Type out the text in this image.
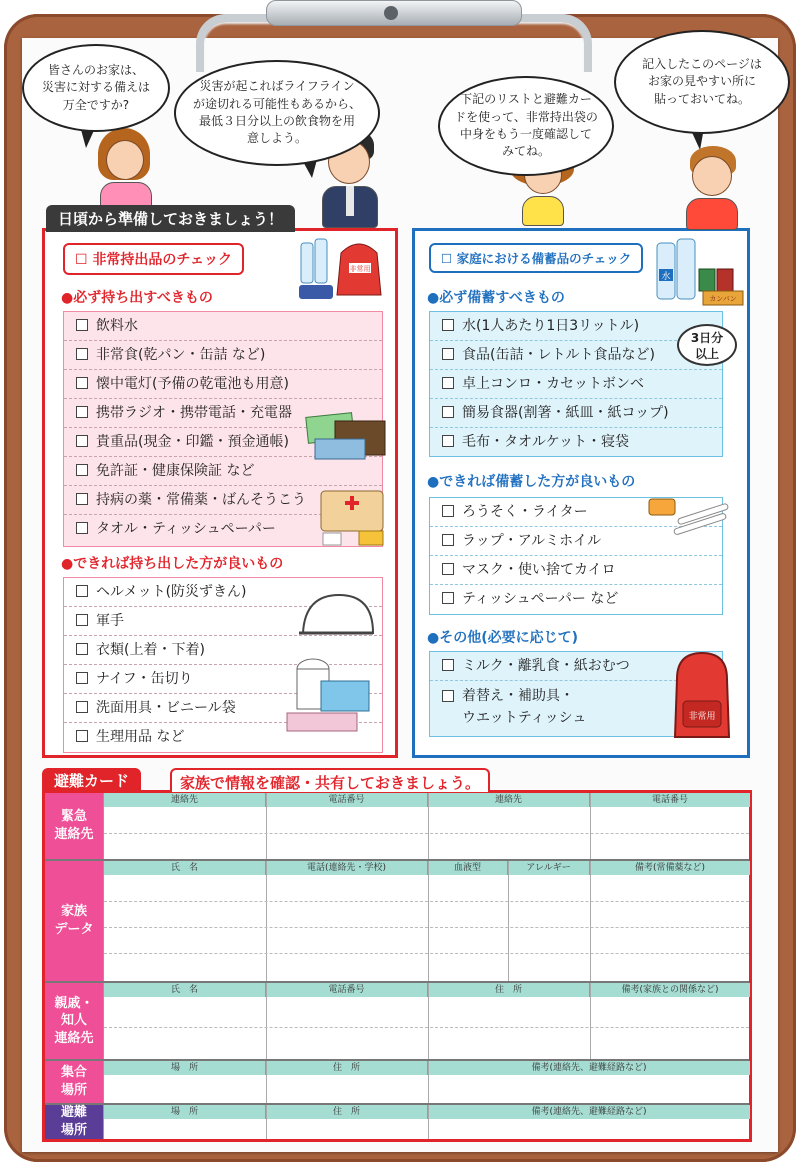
皆さんのお家は、
災害に対する備えは
万全ですか?
災害が起こればライフライン
が途切れる可能性もあるから、
最低３日分以上の飲食物を用
意しよう。
下記のリストと避難カー
ドを使って、非常持出袋の
中身をもう一度確認して
みてね。
記入したこのページは
お家の見やすい所に
貼っておいてね。
日頃から準備しておきましょう！
☐ 非常持出品のチェック
●必ず持ち出すべきもの
飲料水
非常食(乾パン・缶詰 など)
懐中電灯(予備の乾電池も用意)
携帯ラジオ・携帯電話・充電器
貴重品(現金・印鑑・預金通帳)
免許証・健康保険証 など
持病の薬・常備薬・ばんそうこう
タオル・ティッシュペーパー
●できれば持ち出した方が良いもの
ヘルメット(防災ずきん)
軍手
衣類(上着・下着)
ナイフ・缶切り
洗面用具・ビニール袋
生理用品 など
非常用
☐ 家庭における備蓄品のチェック
●必ず備蓄すべきもの
水(1人あたり1日3リットル)
食品(缶詰・レトルト食品など)
卓上コンロ・カセットボンベ
簡易食器(割箸・紙皿・紙コップ)
毛布・タオルケット・寝袋
3日分
以上
●できれば備蓄した方が良いもの
ろうそく・ライター
ラップ・アルミホイル
マスク・使い捨てカイロ
ティッシュペーパー など
●その他(必要に応じて)
ミルク・離乳食・紙おむつ
着替え・補助具・
ウエットティッシュ
水
カンパン
非常用
避難カード	家族で情報を確認・共有しておきましょう。
緊急
連絡先
連絡先	電話番号	連絡先	電話番号
家族
データ
氏　名	電話(連絡先・学校)	血液型	アレルギー	備考(常備薬など)
親戚・
知人
連絡先
氏　名	電話番号	住　所	備考(家族との関係など)
集合
場所
場　所	住　所	備考(連絡先、避難経路など)
避難
場所
場　所	住　所	備考(連絡先、避難経路など)
